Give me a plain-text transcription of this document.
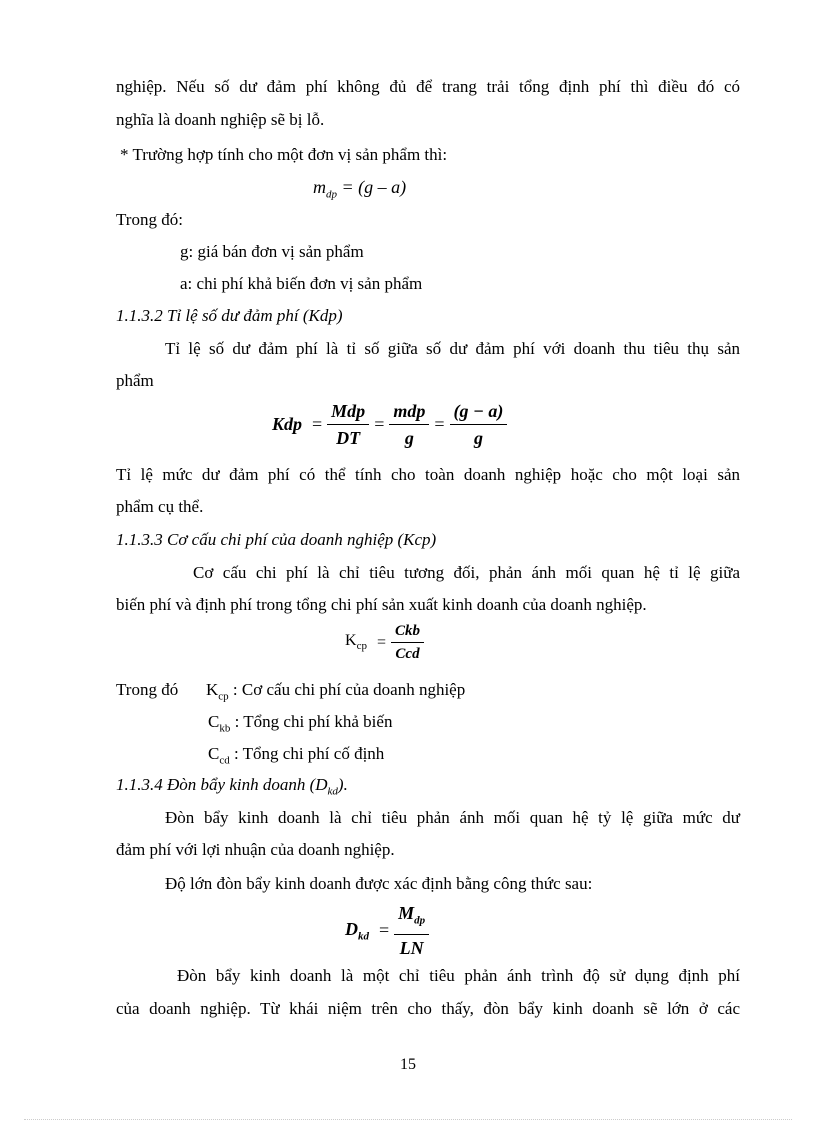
nghiệp. Nếu số dư đảm phí không đủ để trang trải tổng định phí thì điều đó có
nghĩa là doanh nghiệp sẽ bị lỗ.
* Trường hợp tính cho một đơn vị sản phẩm thì:
$m_{dp} = (g - a)$
Trong đó:
g: giá bán đơn vị sản phẩm
a: chi phí khả biến đơn vị sản phẩm
1.1.3.2 Tỉ lệ số dư đảm phí (Kdp)
Tỉ lệ số dư đảm phí là tỉ số giữa số dư đảm phí với doanh thu tiêu thụ sản
phẩm
Kdp = $\frac{\text{Mdp}}{DT} = \frac{\text{mdp}}{g} = \frac{(g - a)}{g}$
Tỉ lệ mức dư đảm phí có thể tính cho toàn doanh nghiệp hoặc cho một loại sản
phẩm cụ thể.
1.1.3.3 Cơ cấu chi phí của doanh nghiệp (Kcp)
Cơ cấu chi phí là chỉ tiêu tương đối, phản ánh mối quan hệ tỉ lệ giữa
biến phí và định phí trong tổng chi phí sản xuất kinh doanh của doanh nghiệp.
$K_{cp} = \frac{\text{Ckb}}{\text{Ccd}}$
Trong đó	$K_{cp}$ : Cơ cấu chi phí của doanh nghiệp
$C_{kb}$ : Tổng chi phí khả biến
$C_{cd}$ : Tổng chi phí cố định
1.1.3.4 Đòn bẩy kinh doanh $(D_{kd})$.
Đòn bẩy kinh doanh là chỉ tiêu phản ánh mối quan hệ tỷ lệ giữa mức dư
đảm phí với lợi nhuận của doanh nghiệp.
Độ lớn đòn bẩy kinh doanh được xác định bằng công thức sau:
$D_{kd} = \frac{M_{dp}}{LN}$
Đòn bẩy kinh doanh là một chỉ tiêu phản ánh trình độ sử dụng định phí
của doanh nghiệp. Từ khái niệm trên cho thấy, đòn bẩy kinh doanh sẽ lớn ở các
15
